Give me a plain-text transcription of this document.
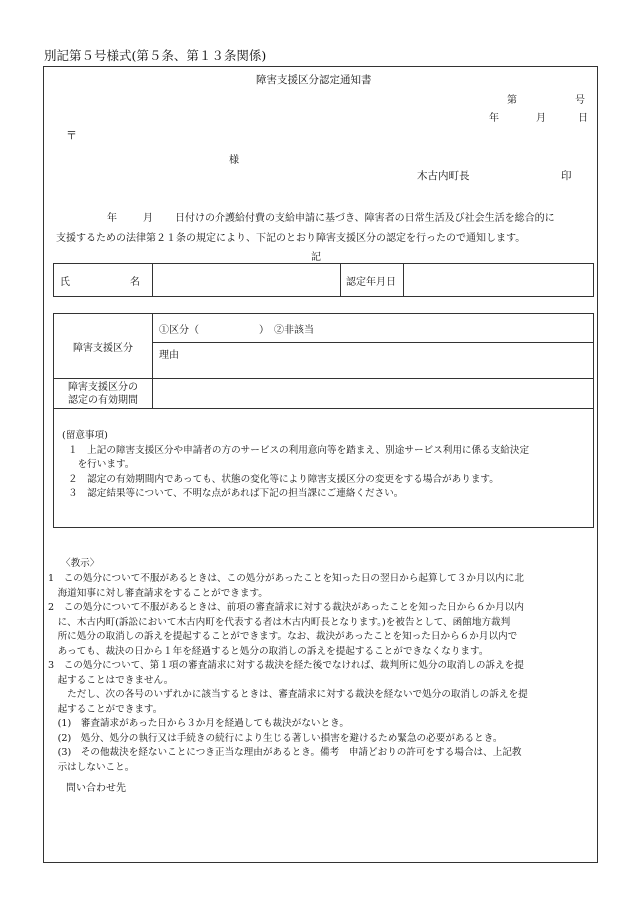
別記第５号様式(第５条、第１３条関係)
障害支援区分認定通知書
第	号
年	月	日
〒
様
木古内町長	印
年	月 日付けの介護給付費の支給申請に基づき、障害者の日常生活及び社会生活を総合的に
支援するための法律第２１条の規定により、下記のとおり障害支援区分の認定を行ったので通知します。
記
氏　　　　　　名		認定年月日	
障害支援区分	①区分（　　　　　　）　②非該当
	理由

障害支援区分の
認定の有効期間	

(留意事項)
１　上記の障害支援区分や申請者の方のサービスの利用意向等を踏まえ、別途サービス利用に係る支給決定
　を行います。
２　認定の有効期間内であっても、状態の変化等により障害支援区分の変更をする場合があります。
３　認定結果等について、不明な点があれば下記の担当課にご連絡ください。	
〈教示〉
1　この処分について不服があるときは、この処分があったことを知った日の翌日から起算して３か月以内に北
　海道知事に対し審査請求をすることができます。
2　この処分について不服があるときは、前項の審査請求に対する裁決があったことを知った日から６か月以内
　に、木古内町(訴訟において木古内町を代表する者は木古内町長となります。)を被告として、函館地方裁判
　所に処分の取消しの訴えを提起することができます。なお、裁決があったことを知った日から６か月以内で
　あっても、裁決の日から１年を経過すると処分の取消しの訴えを提起することができなくなります。
3　この処分について、第１項の審査請求に対する裁決を経た後でなければ、裁判所に処分の取消しの訴えを提
　起することはできません。
　　ただし、次の各号のいずれかに該当するときは、審査請求に対する裁決を経ないで処分の取消しの訴えを提
　起することができます。
　(1)　審査請求があった日から３か月を経過しても裁決がないとき。
　(2)　処分、処分の執行又は手続きの続行により生じる著しい損害を避けるため緊急の必要があるとき。
　(3)　その他裁決を経ないことにつき正当な理由があるとき。備考　申請どおりの許可をする場合は、上記教
　示はしないこと。
問い合わせ先
